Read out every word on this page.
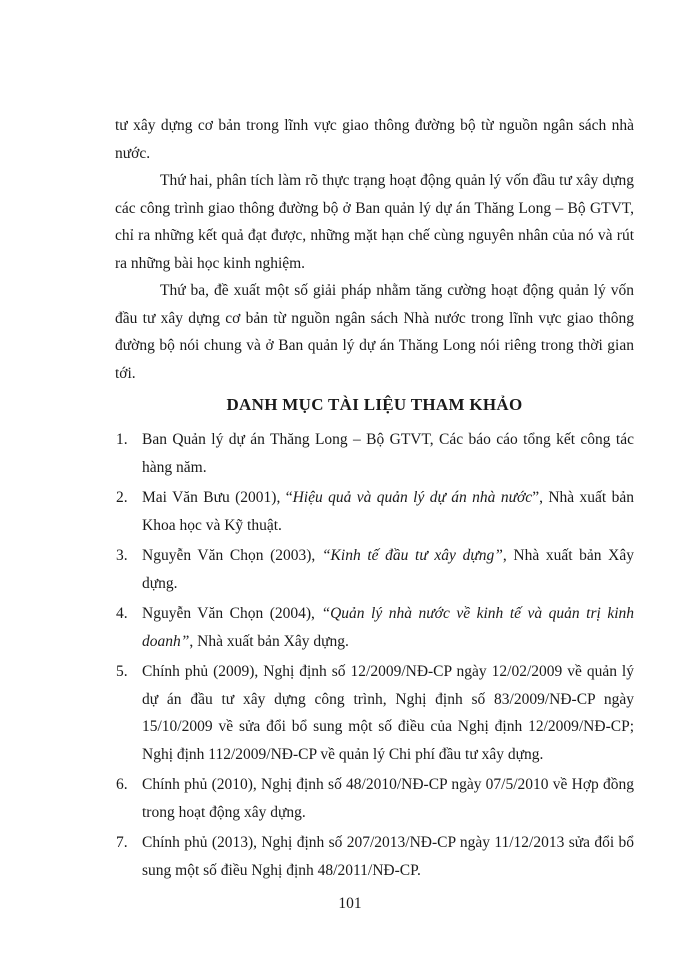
tư xây dựng cơ bản trong lĩnh vực giao thông đường bộ từ nguồn ngân sách nhà nước.

Thứ hai, phân tích làm rõ thực trạng hoạt động quản lý vốn đầu tư xây dựng các công trình giao thông đường bộ ở Ban quản lý dự án Thăng Long – Bộ GTVT, chỉ ra những kết quả đạt được, những mặt hạn chế cùng nguyên nhân của nó và rút ra những bài học kinh nghiệm.

Thứ ba, đề xuất một số giải pháp nhằm tăng cường hoạt động quản lý vốn đầu tư xây dựng cơ bản từ nguồn ngân sách Nhà nước trong lĩnh vực giao thông đường bộ nói chung và ở Ban quản lý dự án Thăng Long nói riêng trong thời gian tới.

DANH MỤC TÀI LIỆU THAM KHẢO
1. Ban Quản lý dự án Thăng Long – Bộ GTVT, Các báo cáo tổng kết công tác hàng năm.
2. Mai Văn Bưu (2001), “Hiệu quả và quản lý dự án nhà nước”, Nhà xuất bản Khoa học và Kỹ thuật.
3. Nguyễn Văn Chọn (2003), “Kinh tế đầu tư xây dựng”, Nhà xuất bản Xây dựng.
4. Nguyễn Văn Chọn (2004), “Quản lý nhà nước về kinh tế và quản trị kinh doanh”, Nhà xuất bản Xây dựng.
5. Chính phủ (2009), Nghị định số 12/2009/NĐ-CP ngày 12/02/2009 về quản lý dự án đầu tư xây dựng công trình, Nghị định số 83/2009/NĐ-CP ngày 15/10/2009 về sửa đổi bổ sung một số điều của Nghị định 12/2009/NĐ-CP; Nghị định 112/2009/NĐ-CP về quản lý Chi phí đầu tư xây dựng.
6. Chính phủ (2010), Nghị định số 48/2010/NĐ-CP ngày 07/5/2010 về Hợp đồng trong hoạt động xây dựng.
7. Chính phủ (2013), Nghị định số 207/2013/NĐ-CP ngày 11/12/2013 sửa đổi bổ sung một số điều Nghị định 48/2011/NĐ-CP.
101
